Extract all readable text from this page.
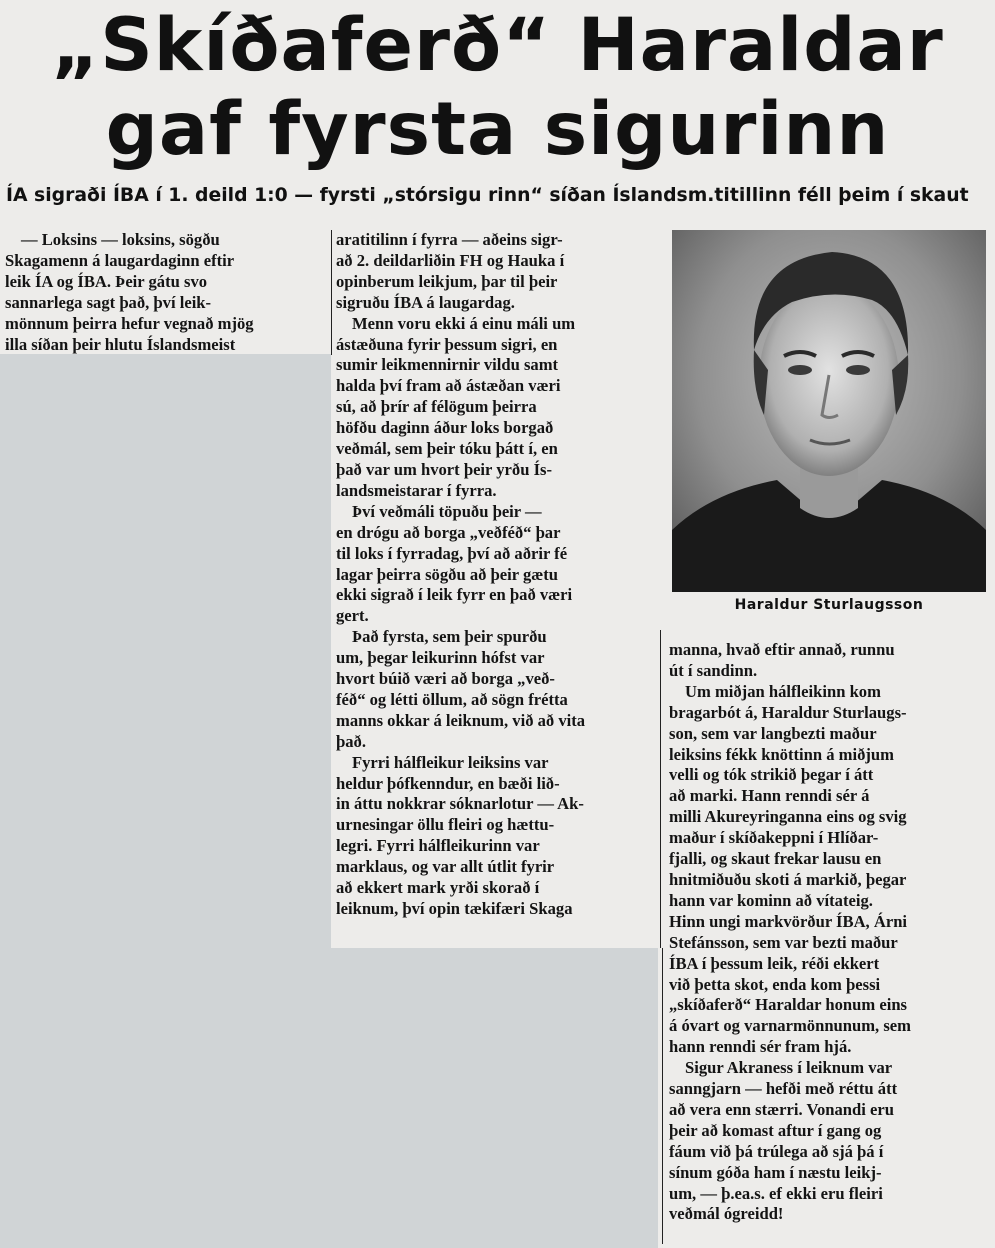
„Skíðaferð“ Haraldar
gaf fyrsta sigurinn
ÍA sigraði ÍBA í 1. deild 1:0 — fyrsti „stórsigu rinn“ síðan Íslandsm.titillinn féll þeim í skaut

— Loksins — loksins, sögðu

Skagamenn á laugardaginn eftir

leik ÍA og ÍBA. Þeir gátu svo

sannarlega sagt það, því leik-

mönnum þeirra hefur vegnað mjög

illa síðan þeir hlutu Íslandsmeist

aratitilinn í fyrra — aðeins sigr-

að 2. deildarliðin FH og Hauka í

opinberum leikjum, þar til þeir

sigruðu ÍBA á laugardag.

Menn voru ekki á einu máli um

ástæðuna fyrir þessum sigri, en

sumir leikmennirnir vildu samt

halda því fram að ástæðan væri

sú, að þrír af félögum þeirra

höfðu daginn áður loks borgað

veðmál, sem þeir tóku þátt í, en

það var um hvort þeir yrðu Ís-

landsmeistarar í fyrra.

Því veðmáli töpuðu þeir —

en drógu að borga „veðféð“ þar

til loks í fyrradag, því að aðrir fé

lagar þeirra sögðu að þeir gætu

ekki sigrað í leik fyrr en það væri

gert.

Það fyrsta, sem þeir spurðu

um, þegar leikurinn hófst var

hvort búið væri að borga „veð-

féð“ og létti öllum, að sögn frétta

manns okkar á leiknum, við að vita

það.

Fyrri hálfleikur leiksins var

heldur þófkenndur, en bæði lið-

in áttu nokkrar sóknarlotur — Ak-

urnesingar öllu fleiri og hættu-

legri. Fyrri hálfleikurinn var

marklaus, og var allt útlit fyrir

að ekkert mark yrði skorað í

leiknum, því opin tækifæri Skaga

Haraldur Sturlaugsson

manna, hvað eftir annað, runnu

út í sandinn.

Um miðjan hálfleikinn kom

bragarbót á, Haraldur Sturlaugs-

son, sem var langbezti maður

leiksins fékk knöttinn á miðjum

velli og tók strikið þegar í átt

að marki. Hann renndi sér á

milli Akureyringanna eins og svig

maður í skíðakeppni í Hlíðar-

fjalli, og skaut frekar lausu en

hnitmiðuðu skoti á markið, þegar

hann var kominn að vítateig.

Hinn ungi markvörður ÍBA, Árni

Stefánsson, sem var bezti maður

ÍBA í þessum leik, réði ekkert

við þetta skot, enda kom þessi

„skíðaferð“ Haraldar honum eins

á óvart og varnarmönnunum, sem

hann renndi sér fram hjá.

Sigur Akraness í leiknum var

sanngjarn — hefði með réttu átt

að vera enn stærri. Vonandi eru

þeir að komast aftur í gang og

fáum við þá trúlega að sjá þá í

sínum góða ham í næstu leikj-

um, — þ.ea.s. ef ekki eru fleiri

veðmál ógreidd!
